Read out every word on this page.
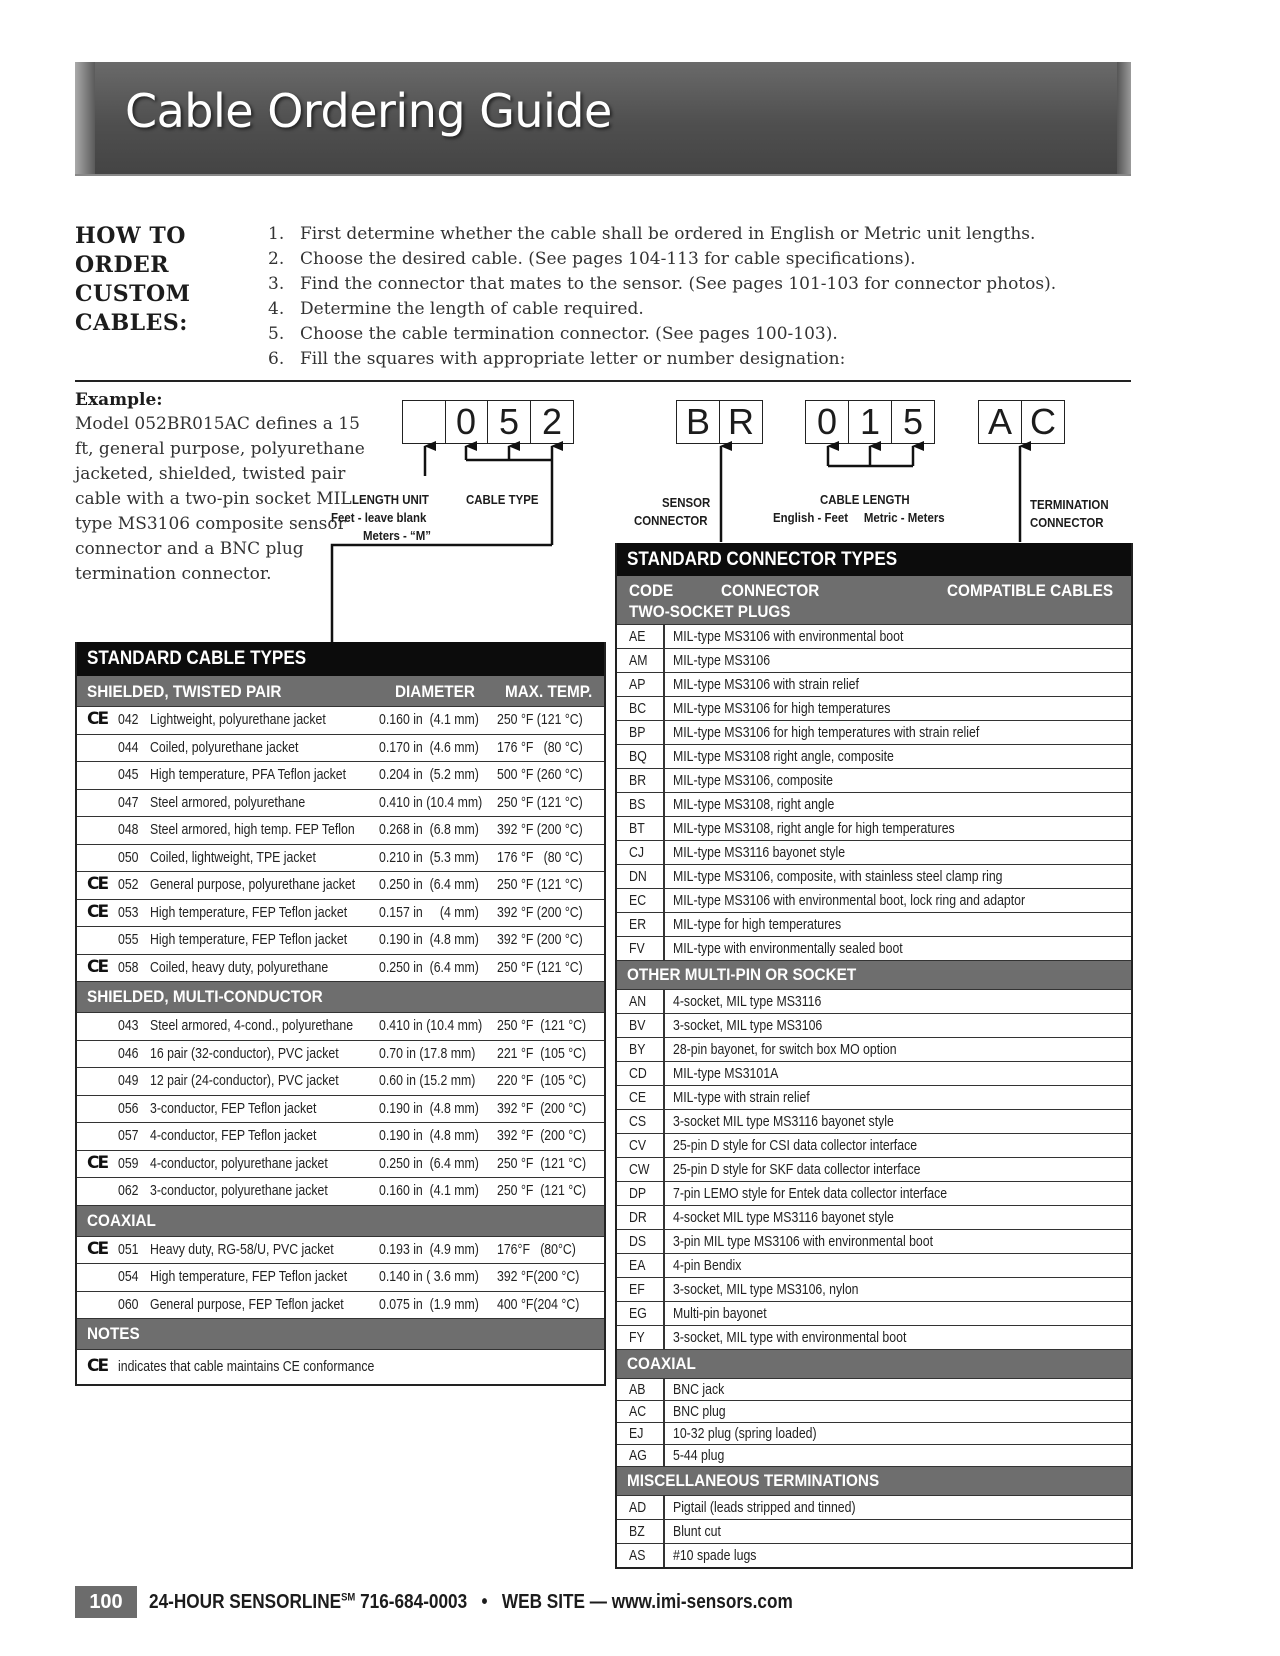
Cable Ordering Guide
HOW TO
ORDER
CUSTOM
CABLES:
1. First determine whether the cable shall be ordered in English or Metric unit lengths.
2. Choose the desired cable. (See pages 104-113 for cable specifications).
3. Find the connector that mates to the sensor. (See pages 101-103 for connector photos).
4. Determine the length of cable required.
5. Choose the cable termination connector. (See pages 100-103).
6. Fill the squares with appropriate letter or number designation:
Example:
Model 052BR015AC defines a 15 ft, general purpose, polyurethane jacketed, shielded, twisted pair cable with a two-pin socket MIL type MS3106 composite sensor connector and a BNC plug termination connector.
0 5 2	B R	0 1 5	A C
LENGTH UNIT
Feet - leave blank
Meters - “M”
CABLE TYPE	SENSOR
CONNECTOR
CABLE LENGTH
English - Feet     Metric - Meters
TERMINATION
CONNECTOR
STANDARD CABLE TYPES
SHIELDED, TWISTED PAIR	DIAMETER MAX. TEMP.
CE 042 Lightweight, polyurethane jacket	0.160 in  (4.1 mm) 250 °F (121 °C)
044 Coiled, polyurethane jacket	0.170 in  (4.6 mm) 176 °F   (80 °C)
045 High temperature, PFA Teflon jacket 0.204 in  (5.2 mm) 500 °F (260 °C)
047 Steel armored, polyurethane	0.410 in (10.4 mm) 250 °F (121 °C)
048 Steel armored, high temp. FEP Teflon 0.268 in  (6.8 mm) 392 °F (200 °C)
050 Coiled, lightweight, TPE jacket	0.210 in  (5.3 mm) 176 °F   (80 °C)
CE 052 General purpose, polyurethane jacket 0.250 in  (6.4 mm) 250 °F (121 °C)
CE 053 High temperature, FEP Teflon jacket 0.157 in     (4 mm) 392 °F (200 °C)
055 High temperature, FEP Teflon jacket 0.190 in  (4.8 mm) 392 °F (200 °C)
CE 058 Coiled, heavy duty, polyurethane	0.250 in  (6.4 mm) 250 °F (121 °C)
SHIELDED, MULTI-CONDUCTOR
043 Steel armored, 4-cond., polyurethane 0.410 in (10.4 mm) 250 °F  (121 °C)
046 16 pair (32-conductor), PVC jacket	0.70 in (17.8 mm) 221 °F  (105 °C)
049 12 pair (24-conductor), PVC jacket	0.60 in (15.2 mm) 220 °F  (105 °C)
056 3-conductor, FEP Teflon jacket	0.190 in  (4.8 mm) 392 °F  (200 °C)
057 4-conductor, FEP Teflon jacket	0.190 in  (4.8 mm) 392 °F  (200 °C)
CE 059 4-conductor, polyurethane jacket	0.250 in  (6.4 mm) 250 °F  (121 °C)
062 3-conductor, polyurethane jacket	0.160 in  (4.1 mm) 250 °F  (121 °C)
COAXIAL
CE 051 Heavy duty, RG-58/U, PVC jacket	0.193 in  (4.9 mm) 176°F   (80°C)
054 High temperature, FEP Teflon jacket 0.140 in ( 3.6 mm) 392 °F(200 °C)
060 General purpose, FEP Teflon jacket 0.075 in  (1.9 mm) 400 °F(204 °C)
NOTES
CE indicates that cable maintains CE conformance
STANDARD CONNECTOR TYPES
CODE	CONNECTOR	COMPATIBLE CABLES
TWO-SOCKET PLUGS
AE MIL-type MS3106 with environmental boot
AM MIL-type MS3106
AP MIL-type MS3106 with strain relief
BC MIL-type MS3106 for high temperatures
BP MIL-type MS3106 for high temperatures with strain relief
BQ MIL-type MS3108 right angle, composite
BR MIL-type MS3106, composite
BS MIL-type MS3108, right angle
BT MIL-type MS3108, right angle for high temperatures
CJ MIL-type MS3116 bayonet style
DN MIL-type MS3106, composite, with stainless steel clamp ring
EC MIL-type MS3106 with environmental boot, lock ring and adaptor
ER MIL-type for high temperatures
FV MIL-type with environmentally sealed boot
OTHER MULTI-PIN OR SOCKET
AN 4-socket, MIL type MS3116
BV 3-socket, MIL type MS3106
BY 28-pin bayonet, for switch box MO option
CD MIL-type MS3101A
CE MIL-type with strain relief
CS 3-socket MIL type MS3116 bayonet style
CV 25-pin D style for CSI data collector interface
CW 25-pin D style for SKF data collector interface
DP 7-pin LEMO style for Entek data collector interface
DR 4-socket MIL type MS3116 bayonet style
DS 3-pin MIL type MS3106 with environmental boot
EA 4-pin Bendix
EF 3-socket, MIL type MS3106, nylon
EG Multi-pin bayonet
FY 3-socket, MIL type with environmental boot
COAXIAL
AB BNC jack
AC BNC plug
EJ 10-32 plug (spring loaded)
AG 5-44 plug
MISCELLANEOUS TERMINATIONS
AD Pigtail (leads stripped and tinned)
BZ Blunt cut
AS #10 spade lugs
100	24-HOUR SENSORLINE℠ 716-684-0003   •   WEB SITE — www.imi-sensors.com
